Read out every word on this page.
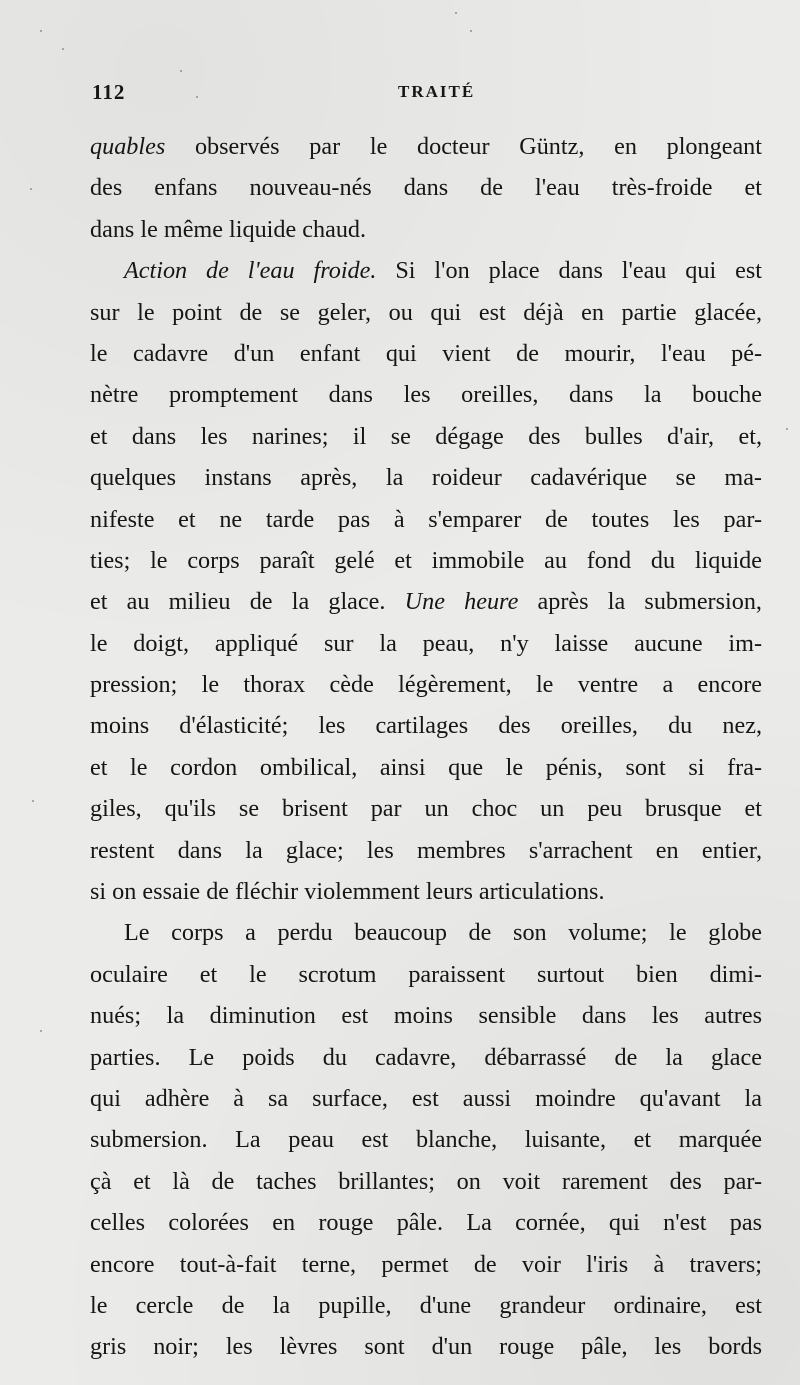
112	TRAITÉ
quables observés par le docteur Güntz, en plongeant
des enfans nouveau-nés dans de l'eau très-froide et
dans le même liquide chaud.
Action de l'eau froide. Si l'on place dans l'eau qui est
sur le point de se geler, ou qui est déjà en partie glacée,
le cadavre d'un enfant qui vient de mourir, l'eau pé-
nètre promptement dans les oreilles, dans la bouche
et dans les narines; il se dégage des bulles d'air, et,
quelques instans après, la roideur cadavérique se ma-
nifeste et ne tarde pas à s'emparer de toutes les par-
ties; le corps paraît gelé et immobile au fond du liquide
et au milieu de la glace. Une heure après la submersion,
le doigt, appliqué sur la peau, n'y laisse aucune im-
pression; le thorax cède légèrement, le ventre a encore
moins d'élasticité; les cartilages des oreilles, du nez,
et le cordon ombilical, ainsi que le pénis, sont si fra-
giles, qu'ils se brisent par un choc un peu brusque et
restent dans la glace; les membres s'arrachent en entier,
si on essaie de fléchir violemment leurs articulations.
Le corps a perdu beaucoup de son volume; le globe
oculaire et le scrotum paraissent surtout bien dimi-
nués; la diminution est moins sensible dans les autres
parties. Le poids du cadavre, débarrassé de la glace
qui adhère à sa surface, est aussi moindre qu'avant la
submersion. La peau est blanche, luisante, et marquée
çà et là de taches brillantes; on voit rarement des par-
celles colorées en rouge pâle. La cornée, qui n'est pas
encore tout-à-fait terne, permet de voir l'iris à travers;
le cercle de la pupille, d'une grandeur ordinaire, est
gris noir; les lèvres sont d'un rouge pâle, les bords
